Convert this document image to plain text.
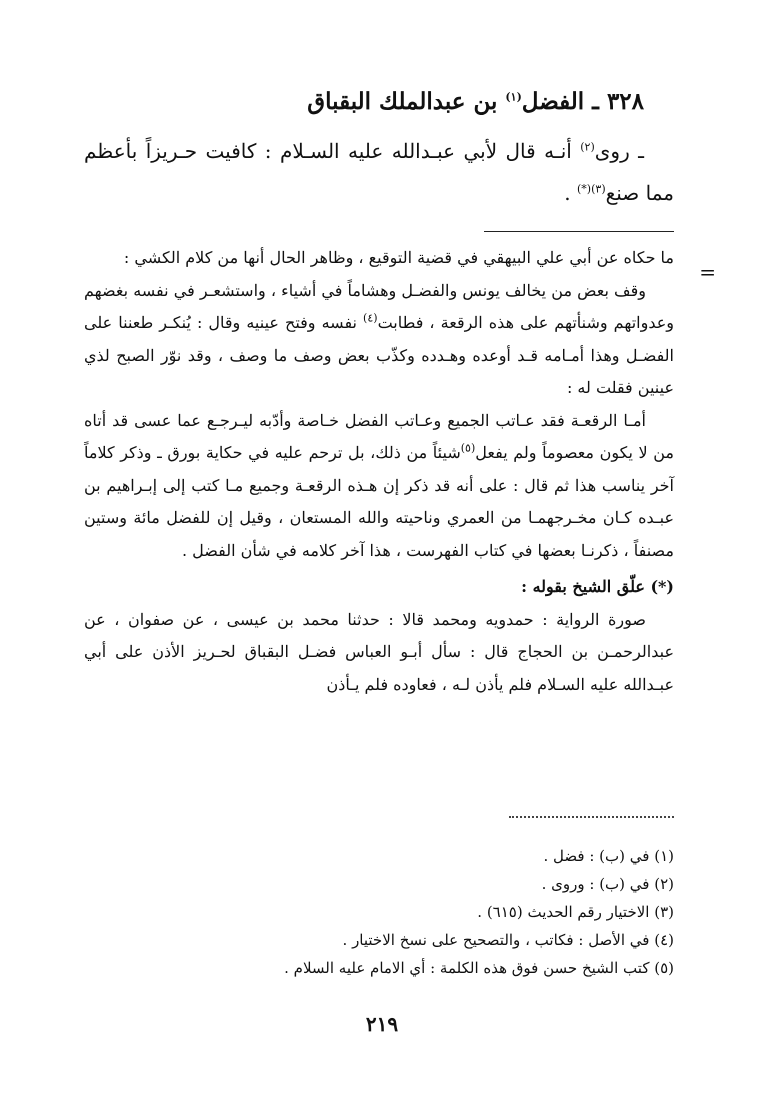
٣٢٨ ـ الفضل$^{(١)}$ بن عبدالملك البقباق
ـ روى$^{(٢)}$ أنـه قال لأبي عبـدالله عليه السـلام : كافيت حـريزاً بأعظم مما صنع$^{(٣)(*)}$ .
=

ما حكاه عن أبي علي البيهقي في قضية التوقيع ، وظاهر الحال أنها من كلام الكشي :

وقف بعض من يخالف يونس والفضـل وهشاماً في أشياء ، واستشعـر في نفسه بغضهم وعدواتهم وشنأتهم على هذه الرقعة ، فطابت$^{(٤)}$ نفسه وفتح عينيه وقال : يُنكـر طعننا على الفضـل وهذا أمـامه قـد أوعده وهـدده وكذّب بعض وصف ما وصف ، وقد نوّر الصبح لذي عينين فقلت له :

أمـا الرقعـة فقد عـاتب الجميع وعـاتب الفضل خـاصة وأدّبه ليـرجـع عما عسى قد أتاه من لا يكون معصوماً ولم يفعل$^{(٥)}$شيئاً من ذلك، بل ترحم عليه في حكاية بورق ـ وذكر كلاماً آخر يناسب هذا ثم قال : على أنه قد ذكر إن هـذه الرقعـة وجميع مـا كتب إلى إبـراهيم بن عبـده كـان مخـرجهمـا من العمري وناحيته والله المستعان ، وقيل إن للفضل مائة وستين مصنفاً ، ذكرنـا بعضها في كتاب الفهرست ، هذا آخر كلامه في شأن الفضل .

(*) علّق الشيخ بقوله :

صورة الرواية : حمدويه ومحمد قالا : حدثنا محمد بن عيسى ، عن صفوان ، عن عبدالرحمـن بن الحجاج قال : سأل أبـو العباس فضـل البقباق لحـريز الأذن على أبي عبـدالله عليه السـلام فلم يأذن لـه ، فعاوده فلم يـأذن

(١) في (ب) : فضل .
(٢) في (ب) : وروى .
(٣) الاختيار رقم الحديث (٦١٥) .
(٤) في الأصل : فكاتب ، والتصحيح على نسخ الاختيار .
(٥) كتب الشيخ حسن فوق هذه الكلمة : أي الامام عليه السلام .
٢١٩
